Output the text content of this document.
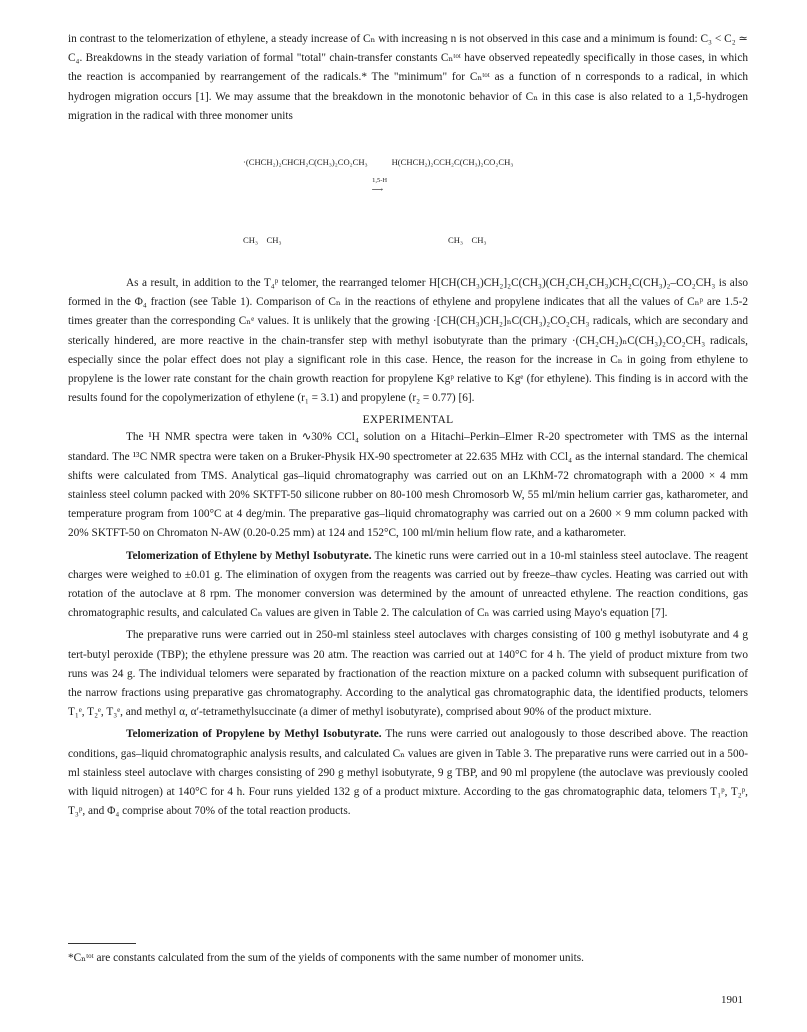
in contrast to the telomerization of ethylene, a steady increase of Cₙ with increasing n is not observed in this case and a minimum is found: C₃ < C₂ ≃ C₄. Breakdowns in the steady variation of formal "total" chain-transfer constants Cₙᵗᵒᵗ have observed repeatedly specifically in those cases, in which the reaction is accompanied by rearrangement of the radicals.* The "minimum" for Cₙᵗᵒᵗ as a function of n corresponds to a radical, in which hydrogen migration occurs [1]. We may assume that the breakdown in the monotonic behavior of Cₙ in this case is also related to a 1,5-hydrogen migration in the radical with three monomer units

·(CHCH₂)₂CHCH₂C(CH₃)₂CO₂CH₃

1,5-H
⟶

H(CHCH₂)₂CCH₂C(CH₃)₂CO₂CH₃

CH₃    CH₃	CH₃    CH₃

As a result, in addition to the T₄ᵖ telomer, the rearranged telomer H[CH(CH₃)CH₂]₂C(CH₃)(CH₂CH₂CH₃)CH₂C(CH₃)₂–CO₂CH₃ is also formed in the Φ₄ fraction (see Table 1). Comparison of Cₙ in the reactions of ethylene and propylene indicates that all the values of Cₙᵖ are 1.5-2 times greater than the corresponding Cₙᵉ values. It is unlikely that the growing ·[CH(CH₃)CH₂]ₙC(CH₃)₂CO₂CH₃ radicals, which are secondary and sterically hindered, are more reactive in the chain-transfer step with methyl isobutyrate than the primary ·(CH₂CH₂)ₙC(CH₃)₂CO₂CH₃ radicals, especially since the polar effect does not play a significant role in this case. Hence, the reason for the increase in Cₙ in going from ethylene to propylene is the lower rate constant for the chain growth reaction for propylene Kgᵖ relative to Kgᵉ (for ethylene). This finding is in accord with the results found for the copolymerization of ethylene (r₁ = 3.1) and propylene (r₂ = 0.77) [6].

EXPERIMENTAL

The ¹H NMR spectra were taken in ∿30% CCl₄ solution on a Hitachi–Perkin–Elmer R-20 spectrometer with TMS as the internal standard. The ¹³C NMR spectra were taken on a Bruker-Physik HX-90 spectrometer at 22.635 MHz with CCl₄ as the internal standard. The chemical shifts were calculated from TMS. Analytical gas–liquid chromatography was carried out on an LKhM-72 chromatograph with a 2000 × 4 mm stainless steel column packed with 20% SKTFT-50 silicone rubber on 80-100 mesh Chromosorb W, 55 ml/min helium carrier gas, katharometer, and temperature program from 100°C at 4 deg/min. The preparative gas–liquid chromatography was carried out on a 2600 × 9 mm column packed with 20% SKTFT-50 on Chromaton N-AW (0.20-0.25 mm) at 124 and 152°C, 100 ml/min helium flow rate, and a katharometer.

Telomerization of Ethylene by Methyl Isobutyrate. The kinetic runs were carried out in a 10-ml stainless steel autoclave. The reagent charges were weighed to ±0.01 g. The elimination of oxygen from the reagents was carried out by freeze–thaw cycles. Heating was carried out with rotation of the autoclave at 8 rpm. The monomer conversion was determined by the amount of unreacted ethylene. The reaction conditions, gas chromatographic results, and calculated Cₙ values are given in Table 2. The calculation of Cₙ was carried using Mayo's equation [7].

The preparative runs were carried out in 250-ml stainless steel autoclaves with charges consisting of 100 g methyl isobutyrate and 4 g tert-butyl peroxide (TBP); the ethylene pressure was 20 atm. The reaction was carried out at 140°C for 4 h. The yield of product mixture from two runs was 24 g. The individual telomers were separated by fractionation of the reaction mixture on a packed column with subsequent purification of the narrow fractions using preparative gas chromatography. According to the analytical gas chromatographic data, the identified products, telomers T₁ᵉ, T₂ᵉ, T₃ᵉ, and methyl α, α′-tetramethylsuccinate (a dimer of methyl isobutyrate), comprised about 90% of the product mixture.

Telomerization of Propylene by Methyl Isobutyrate. The runs were carried out analogously to those described above. The reaction conditions, gas–liquid chromatographic analysis results, and calculated Cₙ values are given in Table 3. The preparative runs were carried out in a 500-ml stainless steel autoclave with charges consisting of 290 g methyl isobutyrate, 9 g TBP, and 90 ml propylene (the autoclave was previously cooled with liquid nitrogen) at 140°C for 4 h. Four runs yielded 132 g of a product mixture. According to the gas chromatographic data, telomers T₁ᵖ, T₂ᵖ, T₃ᵖ, and Φ₄ comprise about 70% of the total reaction products.

*Cₙᵗᵒᵗ are constants calculated from the sum of the yields of components with the same number of monomer units.
1901
